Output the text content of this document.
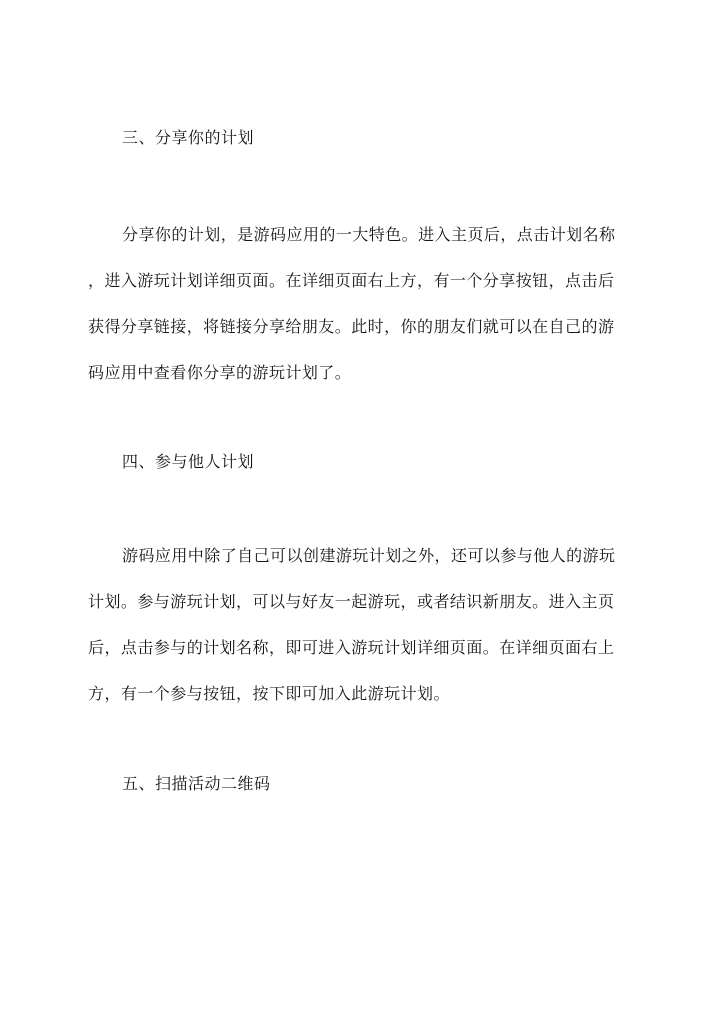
三、分享你的计划
分享你的计划，是游码应用的一大特色。进入主页后，点击计划名称
，进入游玩计划详细页面。在详细页面右上方，有一个分享按钮，点击后
获得分享链接，将链接分享给朋友。此时，你的朋友们就可以在自己的游
码应用中查看你分享的游玩计划了。
四、参与他人计划
游码应用中除了自己可以创建游玩计划之外，还可以参与他人的游玩
计划。参与游玩计划，可以与好友一起游玩，或者结识新朋友。进入主页
后，点击参与的计划名称，即可进入游玩计划详细页面。在详细页面右上
方，有一个参与按钮，按下即可加入此游玩计划。
五、扫描活动二维码
